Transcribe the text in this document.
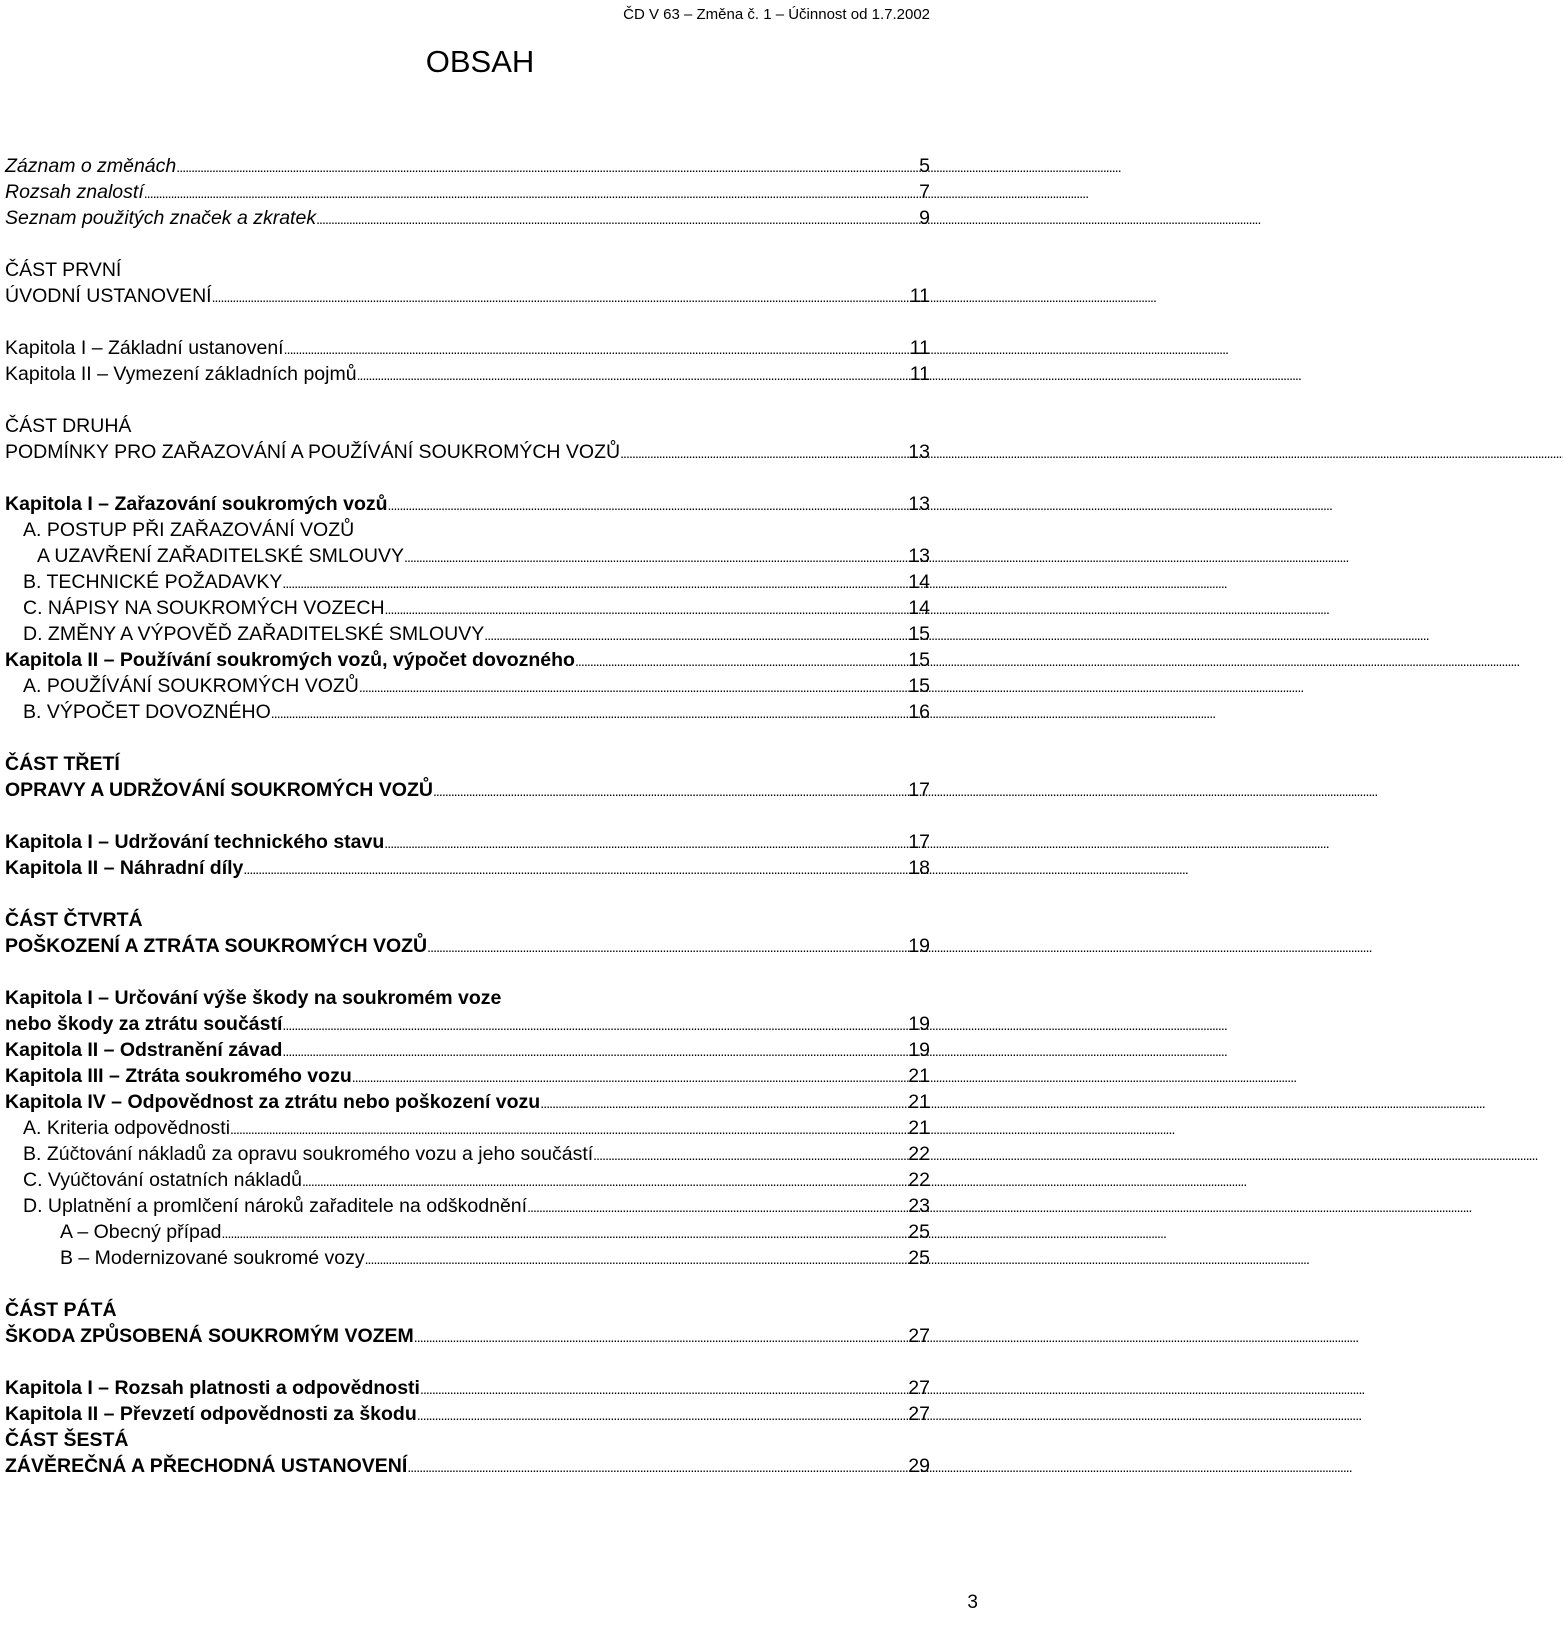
ČD V 63 – Změna č. 1 – Účinnost od 1.7.2002
OBSAH
Záznam o změnách . . .	5
Rozsah znalostí . . .	7
Seznam použitých značek a zkratek . . .	9
ČÁST PRVNÍ
ÚVODNÍ USTANOVENÍ . . .	11
Kapitola I – Základní ustanovení . . .	11
Kapitola II – Vymezení základních pojmů . . .	11
ČÁST DRUHÁ
PODMÍNKY PRO ZAŘAZOVÁNÍ A POUŽÍVÁNÍ SOUKROMÝCH VOZŮ . . .	13
Kapitola I – Zařazování soukromých vozů . . .	13
A. POSTUP PŘI ZAŘAZOVÁNÍ VOZŮ
A UZAVŘENÍ ZAŘADITELSKÉ SMLOUVY . . .	13
B. TECHNICKÉ POŽADAVKY . . .	14
C. NÁPISY NA SOUKROMÝCH VOZECH . . .	14
D. ZMĚNY A VÝPOVĚĎ ZAŘADITELSKÉ SMLOUVY . . .	15
Kapitola II – Používání soukromých vozů, výpočet dovozného . . .	15
A. POUŽÍVÁNÍ SOUKROMÝCH VOZŮ . . .	15
B. VÝPOČET DOVOZNÉHO . . .	16
ČÁST TŘETÍ
OPRAVY A UDRŽOVÁNÍ SOUKROMÝCH VOZŮ . . .	17
Kapitola I – Udržování technického stavu . . .	17
Kapitola II – Náhradní díly . . .	18
ČÁST ČTVRTÁ
POŠKOZENÍ A ZTRÁTA SOUKROMÝCH VOZŮ . . .	19
Kapitola I – Určování výše škody na soukromém voze
nebo škody za ztrátu součástí . . .	19
Kapitola II – Odstranění závad . . .	19
Kapitola III – Ztráta soukromého vozu . . .	21
Kapitola IV – Odpovědnost za ztrátu nebo poškození vozu . . .	21
A. Kriteria odpovědnosti . . .	21
B. Zúčtování nákladů za opravu soukromého vozu a jeho součástí . . .	22
C. Vyúčtování ostatních nákladů . . .	22
D. Uplatnění a promlčení nároků zařaditele na odškodnění . . .	23
A – Obecný případ . . .	25
B – Modernizované soukromé vozy . . .	25
ČÁST PÁTÁ
ŠKODA ZPŮSOBENÁ SOUKROMÝM VOZEM . . .	27
Kapitola I – Rozsah platnosti a odpovědnosti . . .	27
Kapitola II – Převzetí odpovědnosti za škodu . . .	27
ČÁST ŠESTÁ
ZÁVĚREČNÁ A PŘECHODNÁ USTANOVENÍ . . .	29
3
